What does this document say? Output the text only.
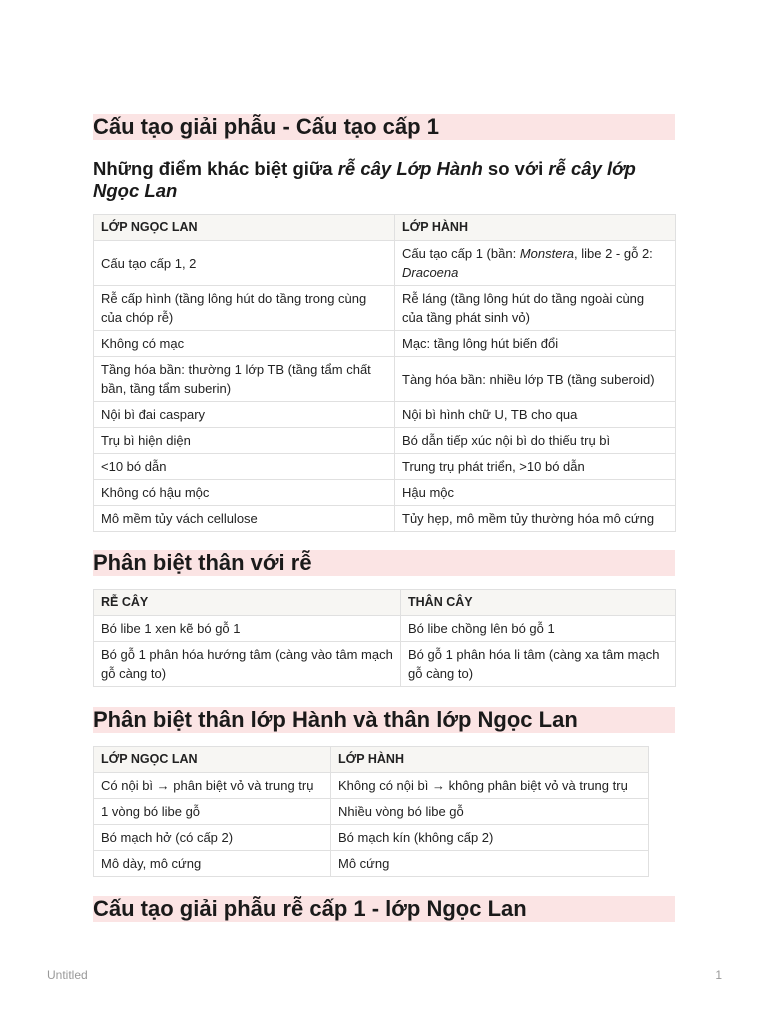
Cấu tạo giải phẫu - Cấu tạo cấp 1
Những điểm khác biệt giữa rễ cây Lớp Hành so với rễ cây lớp Ngọc Lan
LỚP NGỌC LAN	LỚP HÀNH
Cấu tạo cấp 1, 2	Cấu tạo cấp 1 (bần: Monstera, libe 2 - gỗ 2: Dracoena
Rễ cấp hình (tầng lông hút do tầng trong cùng của chóp rễ)	Rễ láng (tầng lông hút do tầng ngoài cùng của tầng phát sinh vỏ)
Không có mạc	Mạc: tầng lông hút biến đổi
Tầng hóa bần: thường 1 lớp TB (tầng tẩm chất bần, tầng tẩm suberin)	Tàng hóa bần: nhiều lớp TB (tầng suberoid)
Nội bì đai caspary	Nội bì hình chữ U, TB cho qua
Trụ bì hiện diện	Bó dẫn tiếp xúc nội bì do thiếu trụ bì
<10 bó dẫn	Trung trụ phát triển, >10 bó dẫn
Không có hậu mộc	Hậu mộc
Mô mềm tủy vách cellulose	Tủy hẹp, mô mềm tủy thường hóa mô cứng
Phân biệt thân với rễ
RỄ CÂY	THÂN CÂY
Bó libe 1 xen kẽ bó gỗ 1	Bó libe chồng lên bó gỗ 1
Bó gỗ 1 phân hóa hướng tâm (càng vào tâm mạch gỗ càng to)	Bó gỗ 1 phân hóa li tâm (càng xa tâm mạch gỗ càng to)
Phân biệt thân lớp Hành và thân lớp Ngọc Lan
LỚP NGỌC LAN	LỚP HÀNH
Có nội bì → phân biệt vỏ và trung trụ	Không có nội bì → không phân biệt vỏ và trung trụ
1 vòng bó libe gỗ	Nhiều vòng bó libe gỗ
Bó mạch hở (có cấp 2)	Bó mạch kín (không cấp 2)
Mô dày, mô cứng	Mô cứng
Cấu tạo giải phẫu rễ cấp 1 - lớp Ngọc Lan
Untitled	1
